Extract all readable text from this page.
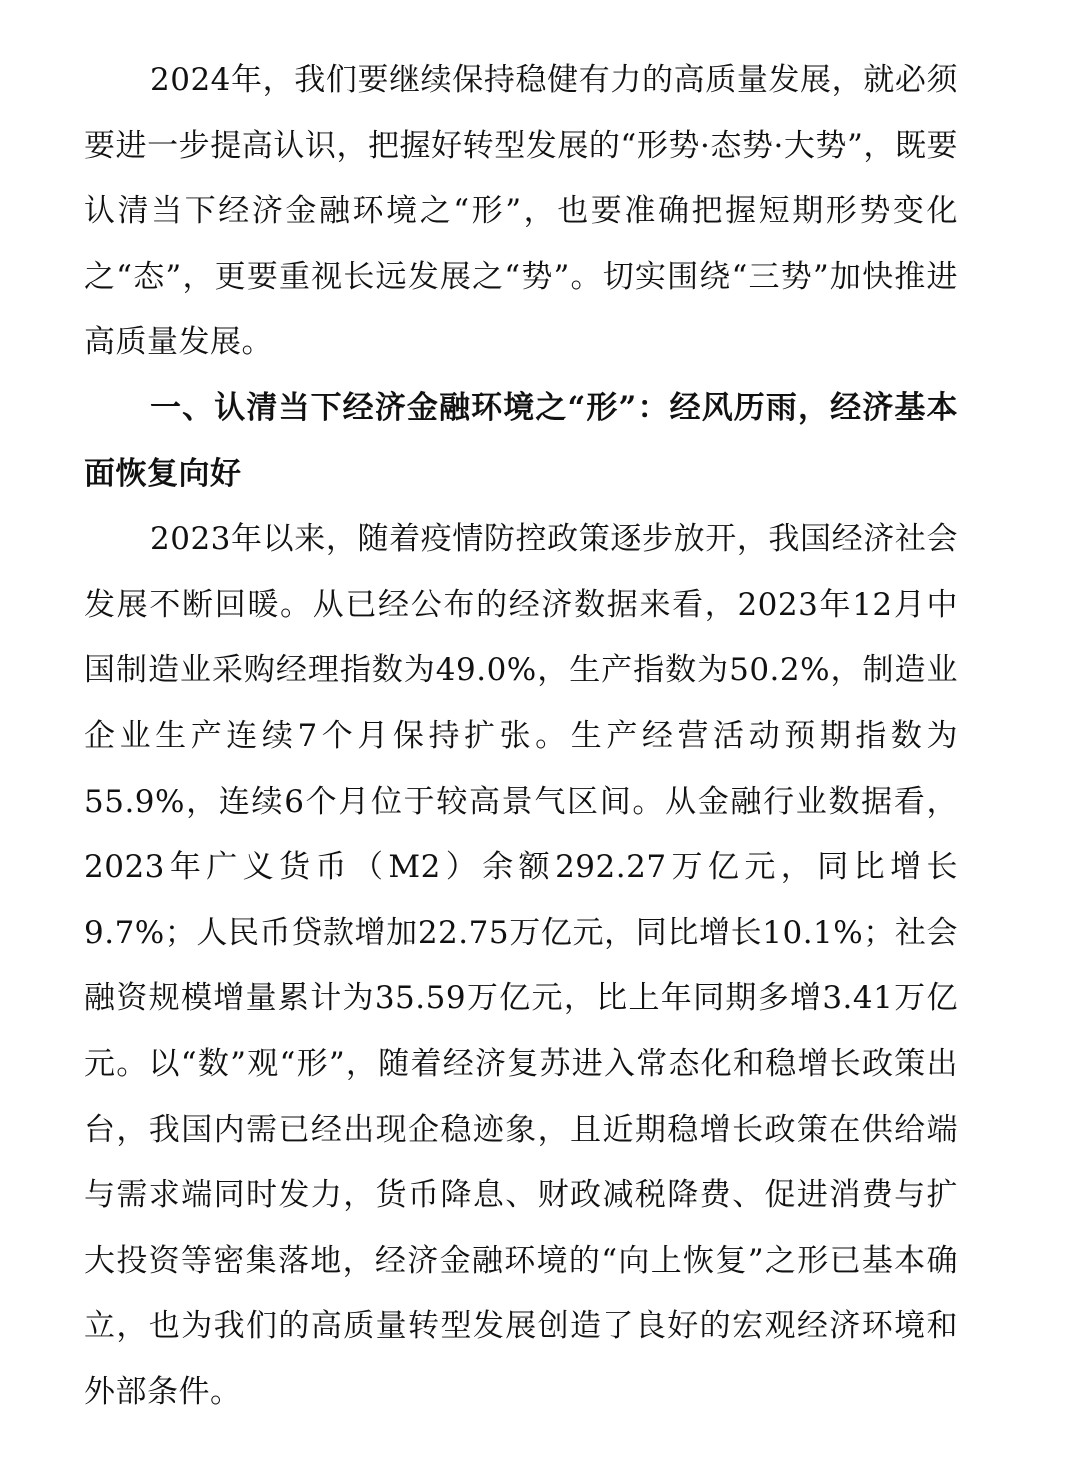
2024年，我们要继续保持稳健有力的高质量发展，就必须要进一步提高认识，把握好转型发展的“形势·态势·大势”，既要认清当下经济金融环境之“形”，也要准确把握短期形势变化之“态”，更要重视长远发展之“势”。切实围绕“三势”加快推进高质量发展。

一、认清当下经济金融环境之“形”：经风历雨，经济基本面恢复向好

2023年以来，随着疫情防控政策逐步放开，我国经济社会发展不断回暖。从已经公布的经济数据来看，2023年12月中国制造业采购经理指数为49.0%，生产指数为50.2%，制造业企业生产连续7个月保持扩张。生产经营活动预期指数为55.9%，连续6个月位于较高景气区间。从金融行业数据看，2023年广义货币（M2）余额292.27万亿元，同比增长9.7%；人民币贷款增加22.75万亿元，同比增长10.1%；社会融资规模增量累计为35.59万亿元，比上年同期多增3.41万亿元。以“数”观“形”，随着经济复苏进入常态化和稳增长政策出台，我国内需已经出现企稳迹象，且近期稳增长政策在供给端与需求端同时发力，货币降息、财政减税降费、促进消费与扩大投资等密集落地，经济金融环境的“向上恢复”之形已基本确立，也为我们的高质量转型发展创造了良好的宏观经济环境和外部条件。
